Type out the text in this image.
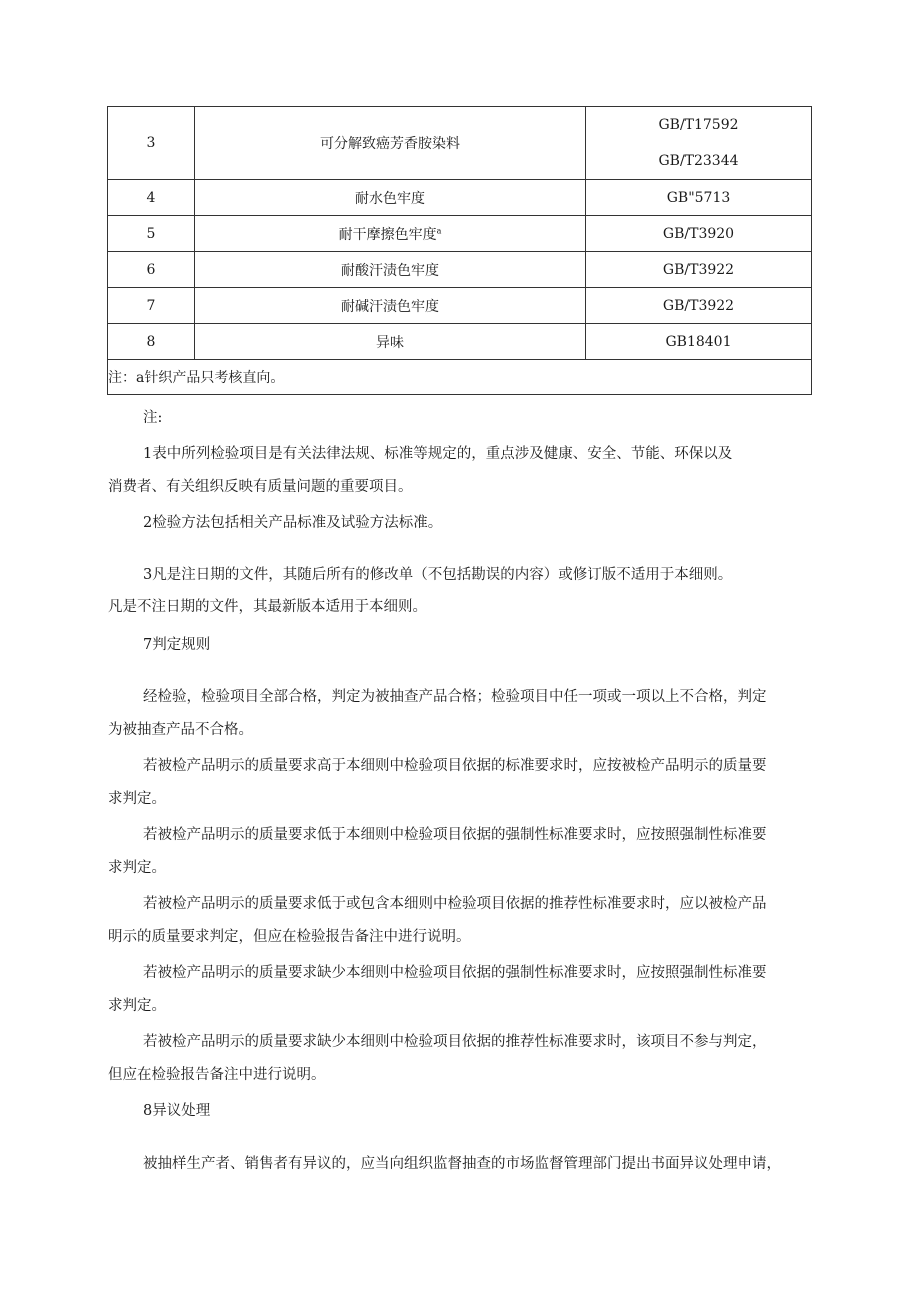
3	可分解致癌芳香胺染料	GB/T17592
GB/T23344

4	耐水色牢度	GB"5713
5	耐干摩擦色牢度$^a$	GB/T3920
6	耐酸汗渍色牢度	GB/T3922
7	耐碱汗渍色牢度	GB/T3922
8	异味	GB18401
注：a针织产品只考核直向。		
注:
1表中所列检验项目是有关法律法规、标准等规定的，重点涉及健康、安全、节能、环保以及
消费者、有关组织反映有质量问题的重要项目。
2检验方法包括相关产品标准及试验方法标准。
3凡是注日期的文件，其随后所有的修改单（不包括勘误的内容）或修订版不适用于本细则。
凡是不注日期的文件，其最新版本适用于本细则。
7判定规则
经检验，检验项目全部合格，判定为被抽查产品合格；检验项目中任一项或一项以上不合格，判定
为被抽查产品不合格。
若被检产品明示的质量要求高于本细则中检验项目依据的标准要求时，应按被检产品明示的质量要
求判定。
若被检产品明示的质量要求低于本细则中检验项目依据的强制性标准要求时，应按照强制性标准要
求判定。
若被检产品明示的质量要求低于或包含本细则中检验项目依据的推荐性标准要求时，应以被检产品
明示的质量要求判定，但应在检验报告备注中进行说明。
若被检产品明示的质量要求缺少本细则中检验项目依据的强制性标准要求时，应按照强制性标准要
求判定。
若被检产品明示的质量要求缺少本细则中检验项目依据的推荐性标准要求时，该项目不参与判定，
但应在检验报告备注中进行说明。
8异议处理
被抽样生产者、销售者有异议的，应当向组织监督抽查的市场监督管理部门提出书面异议处理申请，
